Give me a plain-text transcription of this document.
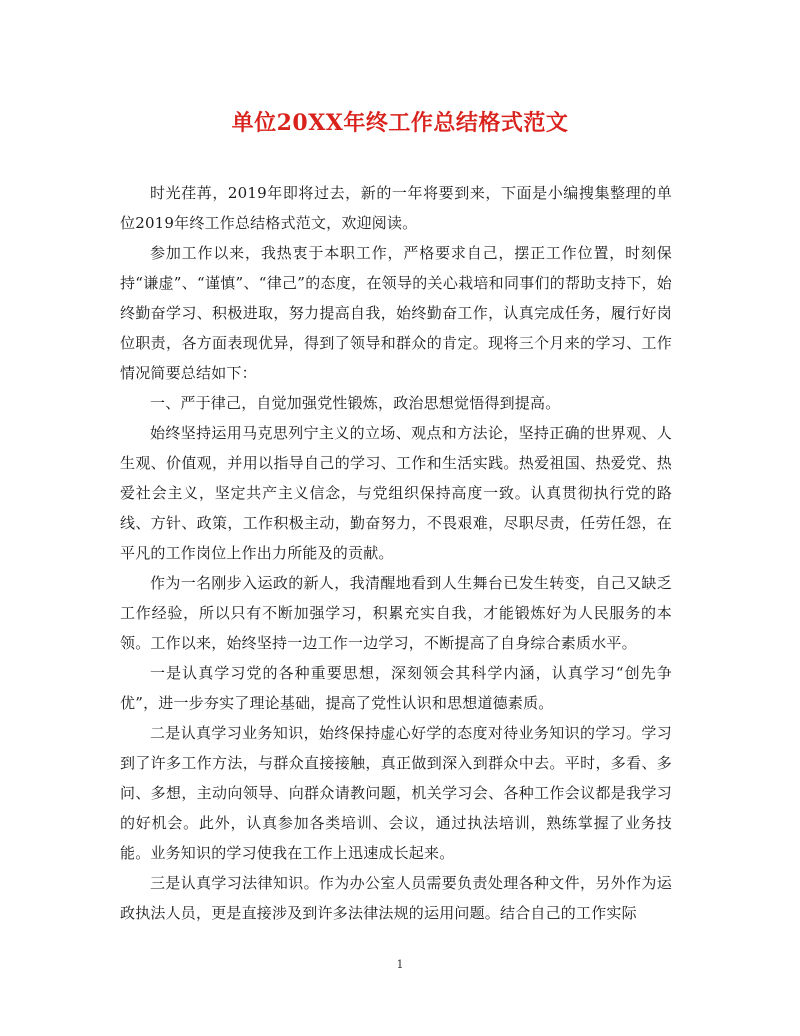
单位20XX年终工作总结格式范文

时光荏苒，2019年即将过去，新的一年将要到来，下面是小编搜集整理的单位2019年终工作总结格式范文，欢迎阅读。

参加工作以来，我热衷于本职工作，严格要求自己，摆正工作位置，时刻保持“谦虚”、“谨慎”、“律己”的态度，在领导的关心栽培和同事们的帮助支持下，始终勤奋学习、积极进取，努力提高自我，始终勤奋工作，认真完成任务，履行好岗位职责，各方面表现优异，得到了领导和群众的肯定。现将三个月来的学习、工作情况简要总结如下：

一、严于律己，自觉加强党性锻炼，政治思想觉悟得到提高。

始终坚持运用马克思列宁主义的立场、观点和方法论，坚持正确的世界观、人生观、价值观，并用以指导自己的学习、工作和生活实践。热爱祖国、热爱党、热爱社会主义，坚定共产主义信念，与党组织保持高度一致。认真贯彻执行党的路线、方针、政策，工作积极主动，勤奋努力，不畏艰难，尽职尽责，任劳任怨，在平凡的工作岗位上作出力所能及的贡献。

作为一名刚步入运政的新人，我清醒地看到人生舞台已发生转变，自己又缺乏工作经验，所以只有不断加强学习，积累充实自我，才能锻炼好为人民服务的本领。工作以来，始终坚持一边工作一边学习，不断提高了自身综合素质水平。

一是认真学习党的各种重要思想，深刻领会其科学内涵，认真学习“创先争优”，进一步夯实了理论基础，提高了党性认识和思想道德素质。

二是认真学习业务知识，始终保持虚心好学的态度对待业务知识的学习。学习到了许多工作方法，与群众直接接触，真正做到深入到群众中去。平时，多看、多问、多想，主动向领导、向群众请教问题，机关学习会、各种工作会议都是我学习的好机会。此外，认真参加各类培训、会议，通过执法培训，熟练掌握了业务技能。业务知识的学习使我在工作上迅速成长起来。

三是认真学习法律知识。作为办公室人员需要负责处理各种文件，另外作为运政执法人员，更是直接涉及到许多法律法规的运用问题。结合自己的工作实际

1
